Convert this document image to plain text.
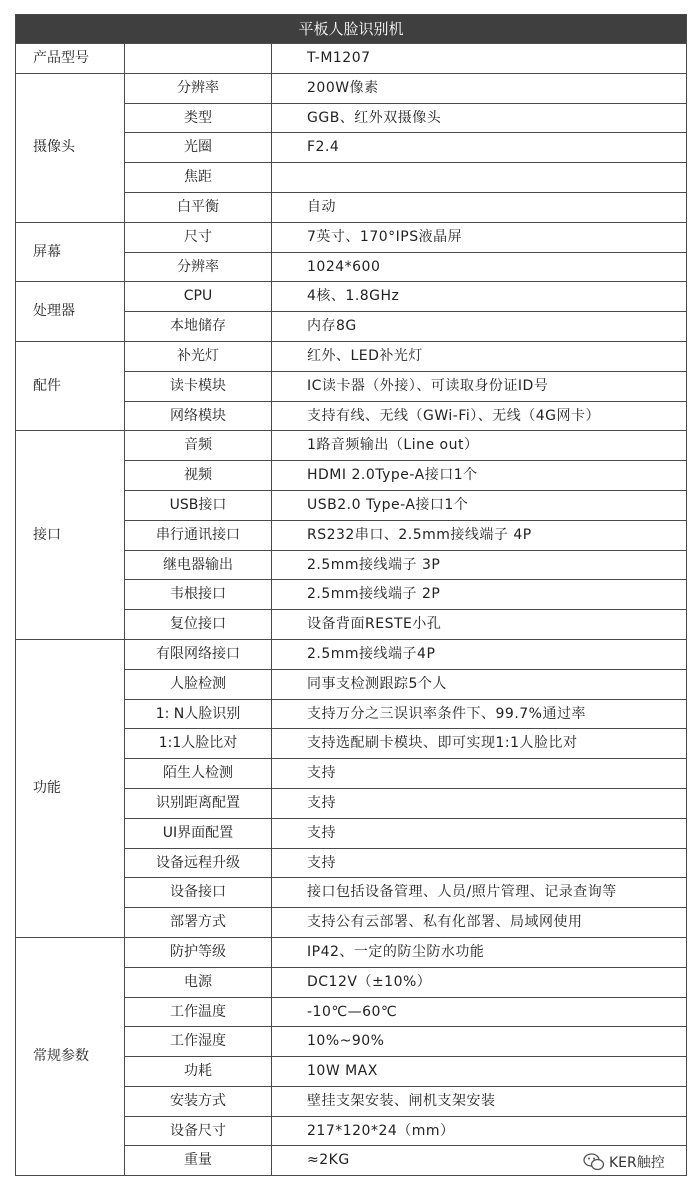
平板人脸识别机		
产品型号		T-M1207
摄像头	分辨率	200W像素
	类型	GGB、红外双摄像头
	光圈	F2.4
	焦距	
	白平衡	自动
屏幕	尺寸	7英寸、170°IPS液晶屏
	分辨率	1024*600
处理器	CPU	4核、1.8GHz
	本地储存	内存8G
配件	补光灯	红外、LED补光灯
	读卡模块	IC读卡器（外接）、可读取身份证ID号
	网络模块	支持有线、无线（GWi-Fi）、无线（4G网卡）
接口	音频	1路音频输出（Line out）
	视频	HDMI 2.0Type-A接口1个
	USB接口	USB2.0 Type-A接口1个
	串行通讯接口	RS232串口、2.5mm接线端子 4P
	继电器输出	2.5mm接线端子 3P
	韦根接口	2.5mm接线端子 2P
	复位接口	设备背面RESTE小孔
功能	有限网络接口	2.5mm接线端子4P
	人脸检测	同事支检测跟踪5个人
	1: N人脸识别	支持万分之三误识率条件下、99.7%通过率
	1:1人脸比对	支持选配刷卡模块、即可实现1:1人脸比对
	陌生人检测	支持
	识别距离配置	支持
	UI界面配置	支持
	设备远程升级	支持
	设备接口	接口包括设备管理、人员/照片管理、记录查询等
	部署方式	支持公有云部署、私有化部署、局域网使用
常规参数	防护等级	IP42、一定的防尘防水功能
	电源	DC12V（±10%）
	工作温度	-10℃—60℃
	工作湿度	10%~90%
	功耗	10W MAX
	安装方式	壁挂支架安装、闸机支架安装
	设备尺寸	217*120*24（mm）
	重量	≈2KG	KER触控
